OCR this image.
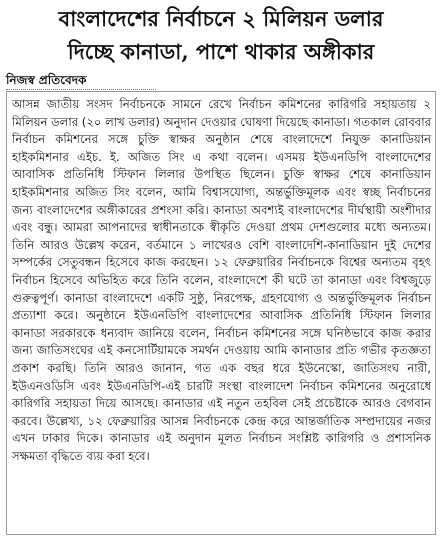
বাংলাদেশের নির্বাচনে ২ মিলিয়ন ডলার
দিচ্ছে কানাডা, পাশে থাকার অঙ্গীকার
নিজস্ব প্রতিবেদক
আসন্ন জাতীয় সংসদ নির্বাচনকে সামনে রেখে নির্বাচন কমিশনের কারিগরি সহায়তায় ২ মিলিয়ন ডলার (২০ লাখ ডলার) অনুদান দেওয়ার ঘোষণা দিয়েছে কানাডা। গতকাল রোববার নির্বাচন কমিশনের সঙ্গে চুক্তি স্বাক্ষর অনুষ্ঠান শেষে বাংলাদেশে নিযুক্ত কানাডিয়ান হাইকমিশনার এইচ. ই. অজিত সিং এ কথা বলেন। এসময় ইউএনডিপি বাংলাদেশের আবাসিক প্রতিনিধি স্টিফান লিলার উপস্থিত ছিলেন। চুক্তি স্বাক্ষর শেষে কানাডিয়ান হাইকমিশনার অজিত সিং বলেন, আমি বিশ্বাসযোগ্য, অন্তর্ভুক্তিমূলক এবং স্বচ্ছ নির্বাচনের জন্য বাংলাদেশের অঙ্গীকারের প্রশংসা করি। কানাডা অবশ্যই বাংলাদেশের দীর্ঘস্থায়ী অংশীদার এবং বন্ধু। আমরা আপনাদের স্বাধীনতাকে স্বীকৃতি দেওয়া প্রথম দেশগুলোর মধ্যে অন্যতম। তিনি আরও উল্লেখ করেন, বর্তমানে ১ লাখেরও বেশি বাংলাদেশি-কানাডিয়ান দুই দেশের সম্পর্কের সেতুবন্ধন হিসেবে কাজ করছেন। ১২ ফেব্রুয়ারির নির্বাচনকে বিশ্বের অন্যতম বৃহৎ নির্বাচন হিসেবে অভিহিত করে তিনি বলেন, বাংলাদেশে কী ঘটে তা কানাডা এবং বিশ্বজুড়ে গুরুত্বপূর্ণ। কানাডা বাংলাদেশে একটি সুষ্ঠু, নিরপেক্ষ, গ্রহণযোগ্য ও অন্তর্ভুক্তিমূলক নির্বাচন প্রত্যাশা করে। অনুষ্ঠানে ইউএনডিপি বাংলাদেশের আবাসিক প্রতিনিধি স্টিফান লিলার কানাডা সরকারকে ধন্যবাদ জানিয়ে বলেন, নির্বাচন কমিশনের সঙ্গে ঘনিষ্ঠভাবে কাজ করার জন্য জাতিসংঘের এই কনসোর্টিয়ামকে সমর্থন দেওয়ায় আমি কানাডার প্রতি গভীর কৃতজ্ঞতা প্রকাশ করছি। তিনি আরও জানান, গত এক বছর ধরে ইউনেস্কো, জাতিসংঘ নারী, ইউএনওডিসি এবং ইউএনডিপি-এই চারটি সংস্থা বাংলাদেশ নির্বাচন কমিশনের অনুরোধে কারিগরি সহায়তা দিয়ে আসছে। কানাডার এই নতুন তহবিল সেই প্রচেষ্টাকে আরও বেগবান করবে। উল্লেখ্য, ১২ ফেব্রুয়ারির আসন্ন নির্বাচনকে কেন্দ্র করে আন্তর্জাতিক সম্প্রদায়ের নজর এখন ঢাকার দিকে। কানাডার এই অনুদান মূলত নির্বাচন সংশ্লিষ্ট কারিগরি ও প্রশাসনিক সক্ষমতা বৃদ্ধিতে ব্যয় করা হবে।
